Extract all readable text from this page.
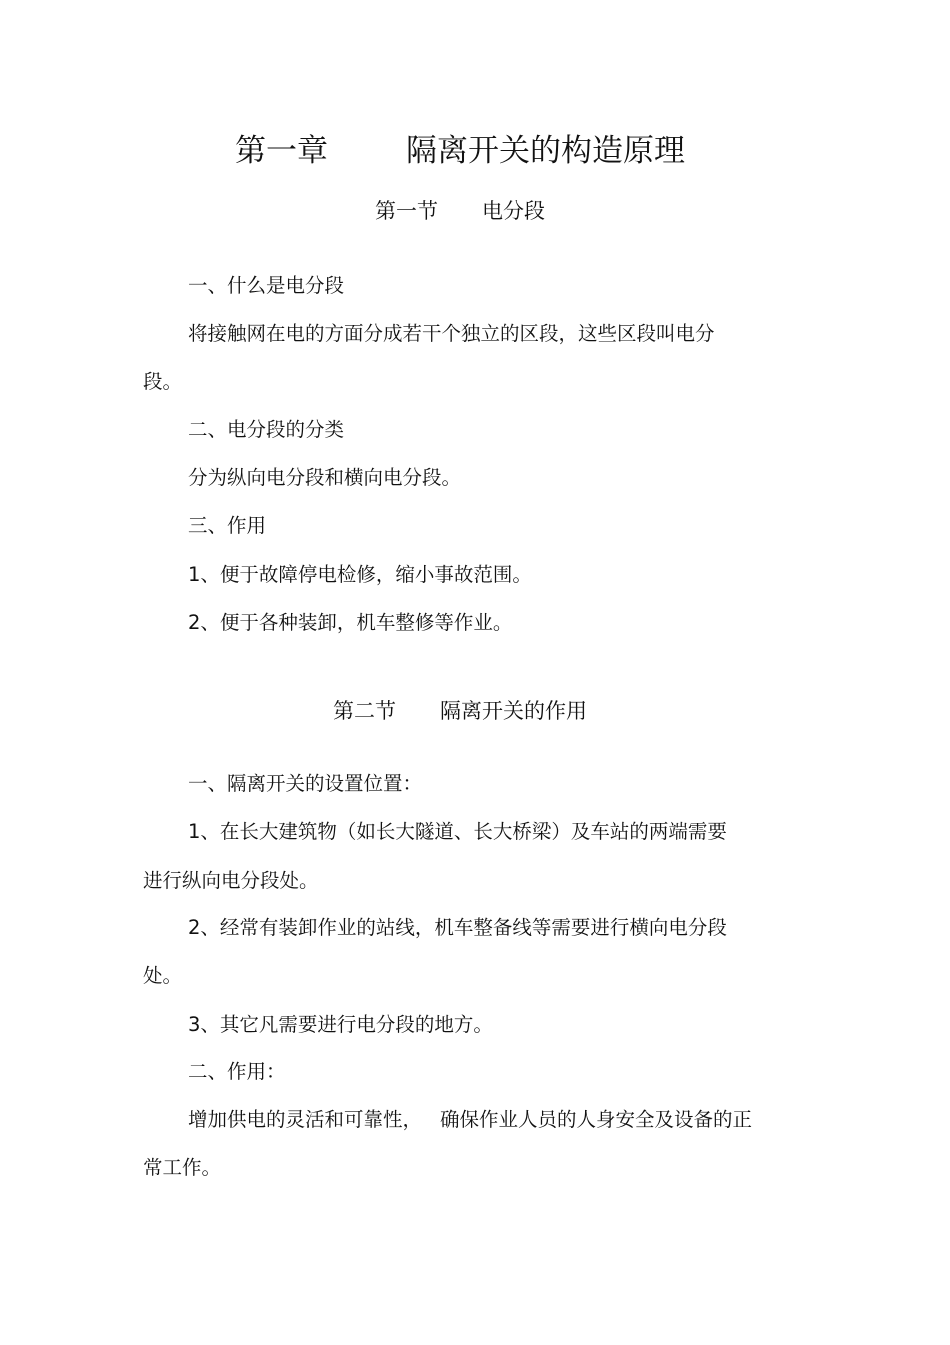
第一章	隔离开关的构造原理
第一节 电分段
一、什么是电分段
将接触网在电的方面分成若干个独立的区段，这些区段叫电分
段。
二、电分段的分类
分为纵向电分段和横向电分段。
三、作用
1、便于故障停电检修，缩小事故范围。
2、便于各种装卸，机车整修等作业。
第二节 隔离开关的作用
一、隔离开关的设置位置：
1、在长大建筑物（如长大隧道、长大桥梁）及车站的两端需要
进行纵向电分段处。
2、经常有装卸作业的站线，机车整备线等需要进行横向电分段
处。
3、其它凡需要进行电分段的地方。
二、作用：
增加供电的灵活和可靠性， 确保作业人员的人身安全及设备的正
常工作。
